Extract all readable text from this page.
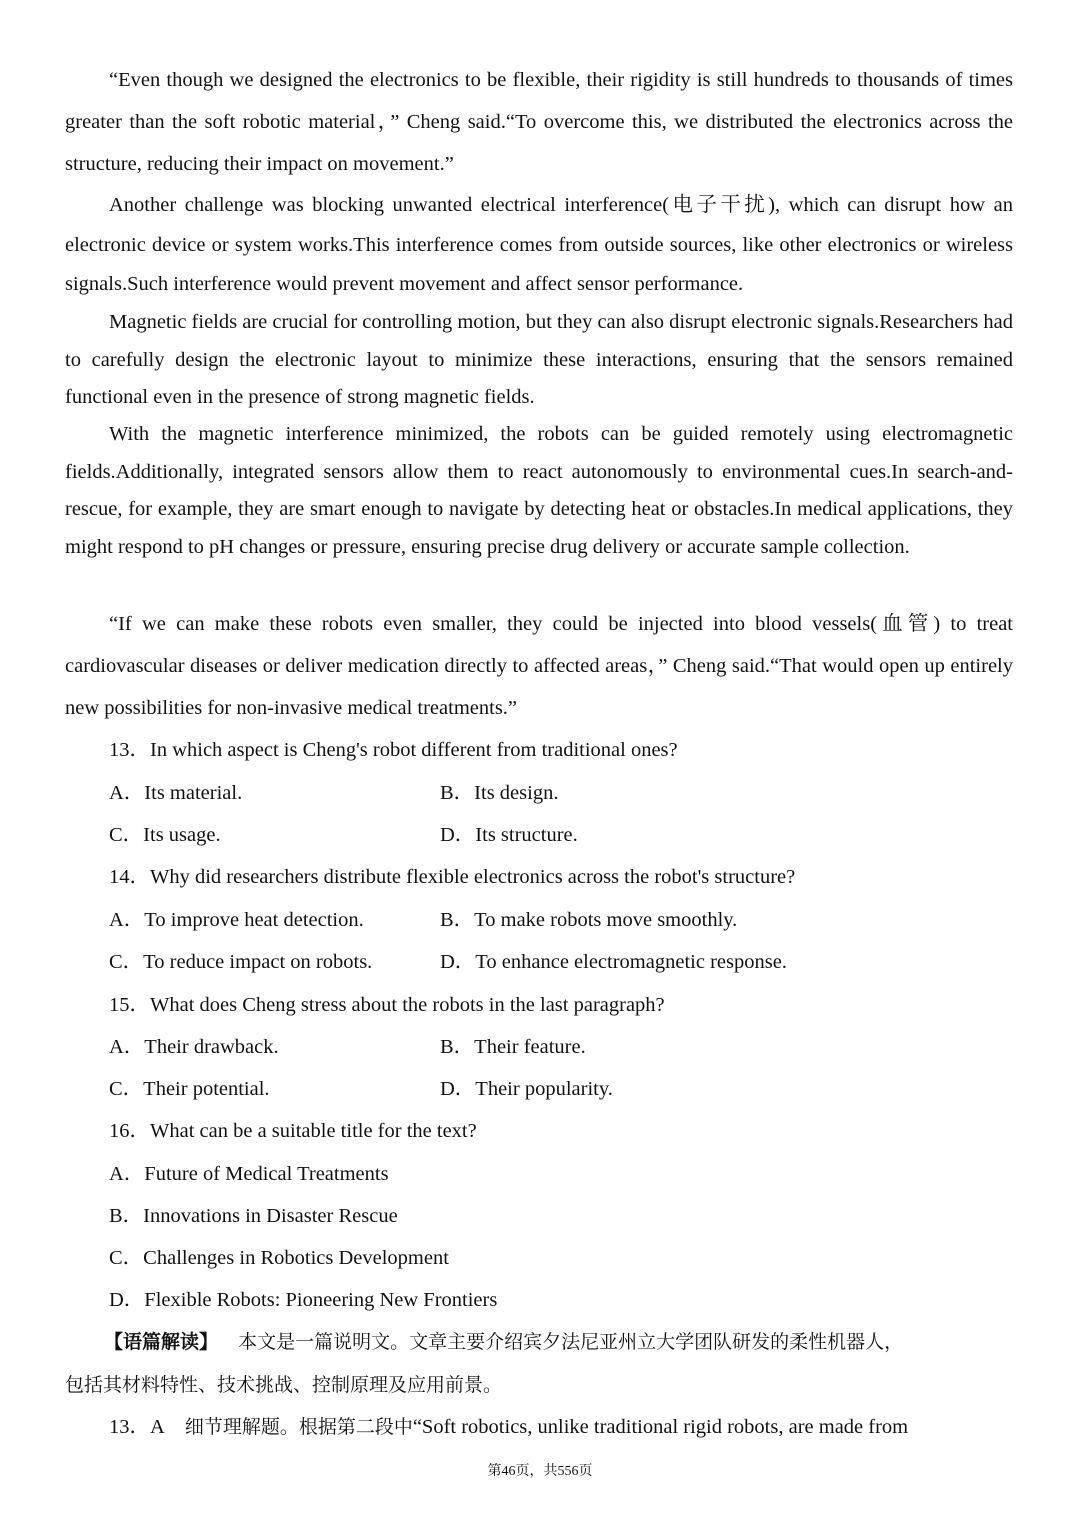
“Even though we designed the electronics to be flexible, their rigidity is still hundreds to thousands of times greater than the soft robotic material，” Cheng said.“To overcome this, we distributed the electronics across the structure, reducing their impact on movement.”

Another challenge was blocking unwanted electrical interference(电子干扰), which can disrupt how an electronic device or system works.This interference comes from outside sources, like other electronics or wireless signals.Such interference would prevent movement and affect sensor performance.

Magnetic fields are crucial for controlling motion, but they can also disrupt electronic signals.Researchers had to carefully design the electronic layout to minimize these interactions, ensuring that the sensors remained functional even in the presence of strong magnetic fields.

With the magnetic interference minimized, the robots can be guided remotely using electromagnetic fields.Additionally, integrated sensors allow them to react autonomously to environmental cues.In search-and-rescue, for example, they are smart enough to navigate by detecting heat or obstacles.In medical applications, they might respond to pH changes or pressure, ensuring precise drug delivery or accurate sample collection.

“If we can make these robots even smaller, they could be injected into blood vessels(血管) to treat cardiovascular diseases or deliver medication directly to affected areas，” Cheng said.“That would open up entirely new possibilities for non-invasive medical treatments.”

13．In which aspect is Cheng's robot different from traditional ones?
A．Its material.	B．Its design.
C．Its usage.	D．Its structure.
14．Why did researchers distribute flexible electronics across the robot's structure?
A．To improve heat detection.	B．To make robots move smoothly.
C．To reduce impact on robots.	D．To enhance electromagnetic response.
15．What does Cheng stress about the robots in the last paragraph?
A．Their drawback.	B．Their feature.
C．Their potential.	D．Their popularity.
16．What can be a suitable title for the text?
A．Future of Medical Treatments
B．Innovations in Disaster Rescue
C．Challenges in Robotics Development
D．Flexible Robots: Pioneering New Frontiers
【语篇解读】 本文是一篇说明文。文章主要介绍宾夕法尼亚州立大学团队研发的柔性机器人，
包括其材料特性、技术挑战、控制原理及应用前景。
13．A 细节理解题。根据第二段中“Soft robotics, unlike traditional rigid robots, are made from
第46页，共556页
